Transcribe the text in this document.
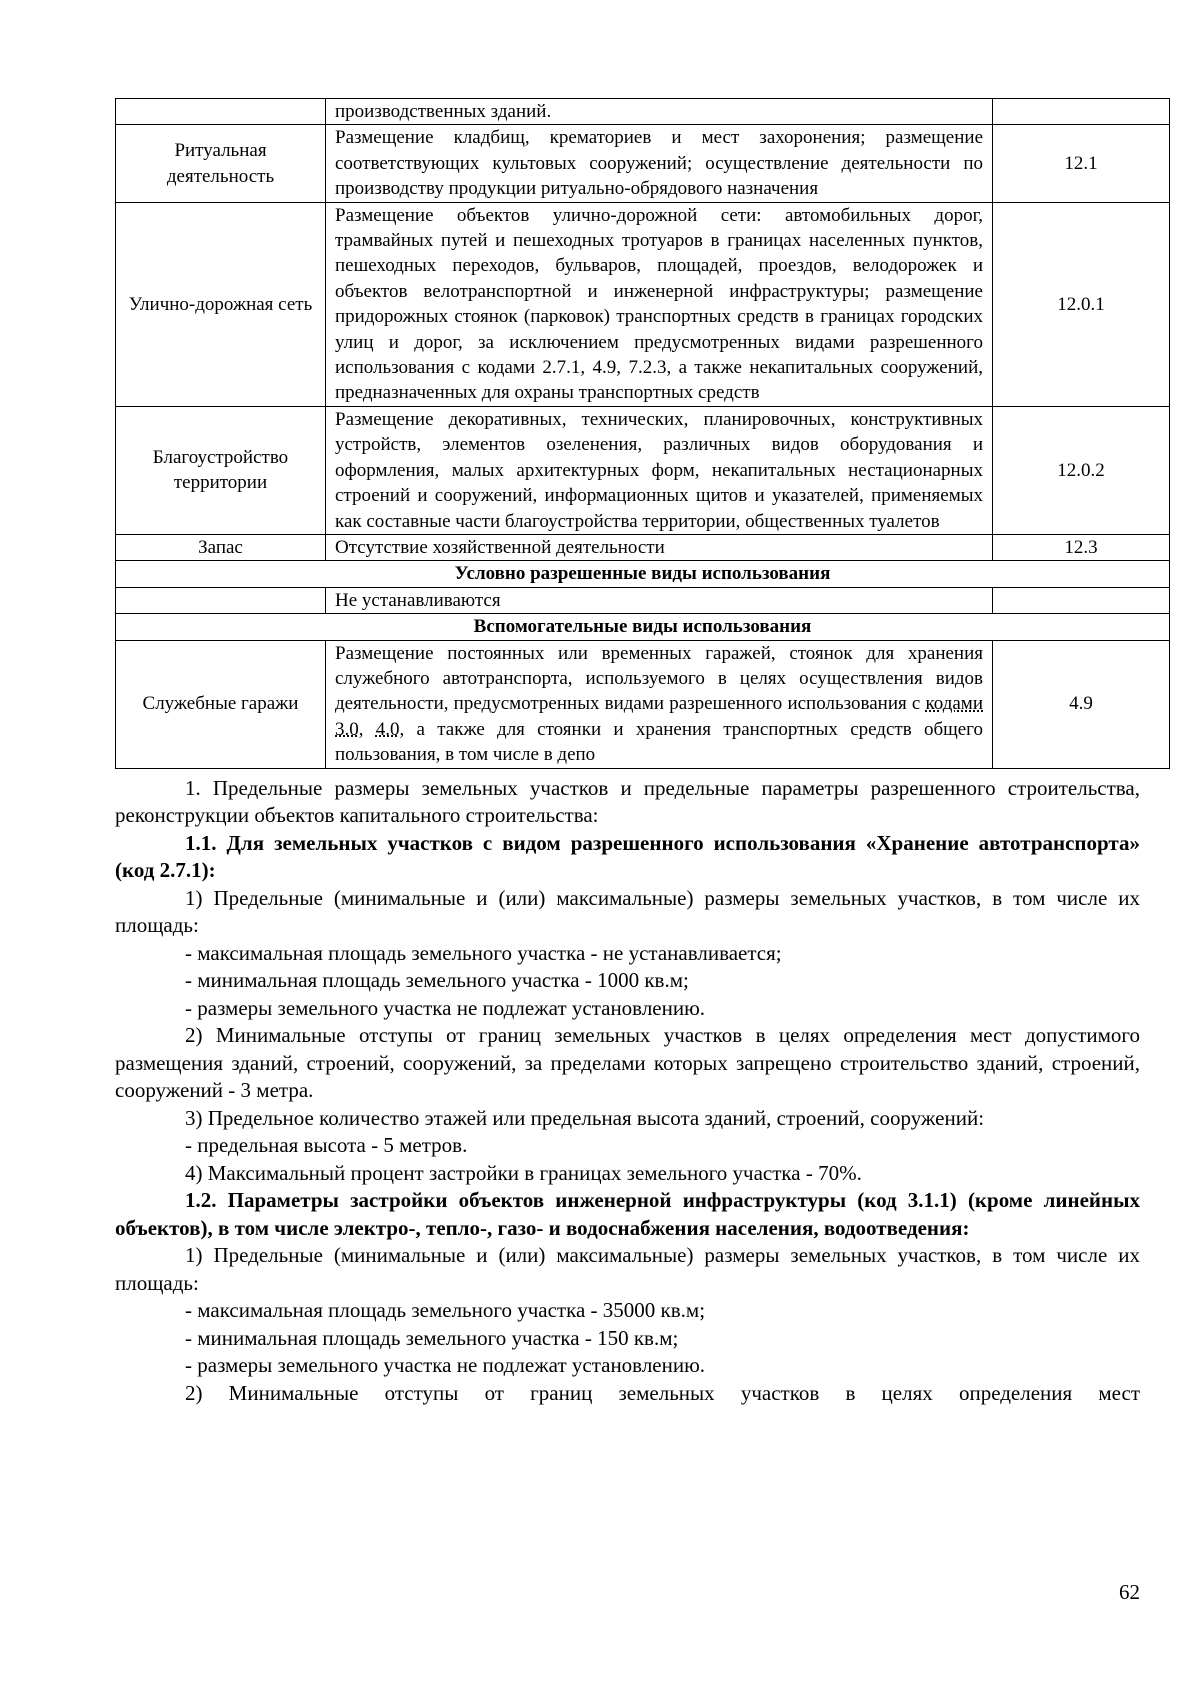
	производственных зданий.	
Ритуальная деятельность	Размещение кладбищ, крематориев и мест захоронения; размещение соответствующих культовых сооружений; осуществление деятельности по производству продукции ритуально-обрядового назначения	12.1
Улично-дорожная сеть	Размещение объектов улично-дорожной сети: автомобильных дорог, трамвайных путей и пешеходных тротуаров в границах населенных пунктов, пешеходных переходов, бульваров, площадей, проездов, велодорожек и объектов велотранспортной и инженерной инфраструктуры; размещение придорожных стоянок (парковок) транспортных средств в границах городских улиц и дорог, за исключением предусмотренных видами разрешенного использования с кодами 2.7.1, 4.9, 7.2.3, а также некапитальных сооружений, предназначенных для охраны транспортных средств	12.0.1
Благоустройство территории	Размещение декоративных, технических, планировочных, конструктивных устройств, элементов озеленения, различных видов оборудования и оформления, малых архитектурных форм, некапитальных нестационарных строений и сооружений, информационных щитов и указателей, применяемых как составные части благоустройства территории, общественных туалетов	12.0.2
Запас	Отсутствие хозяйственной деятельности	12.3
Условно разрешенные виды использования		
	Не устанавливаются	
Вспомогательные виды использования		
Служебные гаражи	Размещение постоянных или временных гаражей, стоянок для хранения служебного автотранспорта, используемого в целях осуществления видов деятельности, предусмотренных видами разрешенного использования с кодами 3.0, 4.0, а также для стоянки и хранения транспортных средств общего пользования, в том числе в депо	4.9

1. Предельные размеры земельных участков и предельные параметры разрешенного строительства, реконструкции объектов капитального строительства:

1.1. Для земельных участков с видом разрешенного использования «Хранение автотранспорта» (код 2.7.1):

1) Предельные (минимальные и (или) максимальные) размеры земельных участков, в том числе их площадь:

- максимальная площадь земельного участка - не устанавливается;

- минимальная площадь земельного участка - 1000 кв.м;

- размеры земельного участка не подлежат установлению.

2) Минимальные отступы от границ земельных участков в целях определения мест допустимого размещения зданий, строений, сооружений, за пределами которых запрещено строительство зданий, строений, сооружений - 3 метра.

3) Предельное количество этажей или предельная высота зданий, строений, сооружений:

- предельная высота - 5 метров.

4) Максимальный процент застройки в границах земельного участка - 70%.

1.2. Параметры застройки объектов инженерной инфраструктуры (код 3.1.1) (кроме линейных объектов), в том числе электро-, тепло-, газо- и водоснабжения населения, водоотведения:

1) Предельные (минимальные и (или) максимальные) размеры земельных участков, в том числе их площадь:

- максимальная площадь земельного участка - 35000 кв.м;

- минимальная площадь земельного участка - 150 кв.м;

- размеры земельного участка не подлежат установлению.

2) Минимальные отступы от границ земельных участков в целях определения мест

62
